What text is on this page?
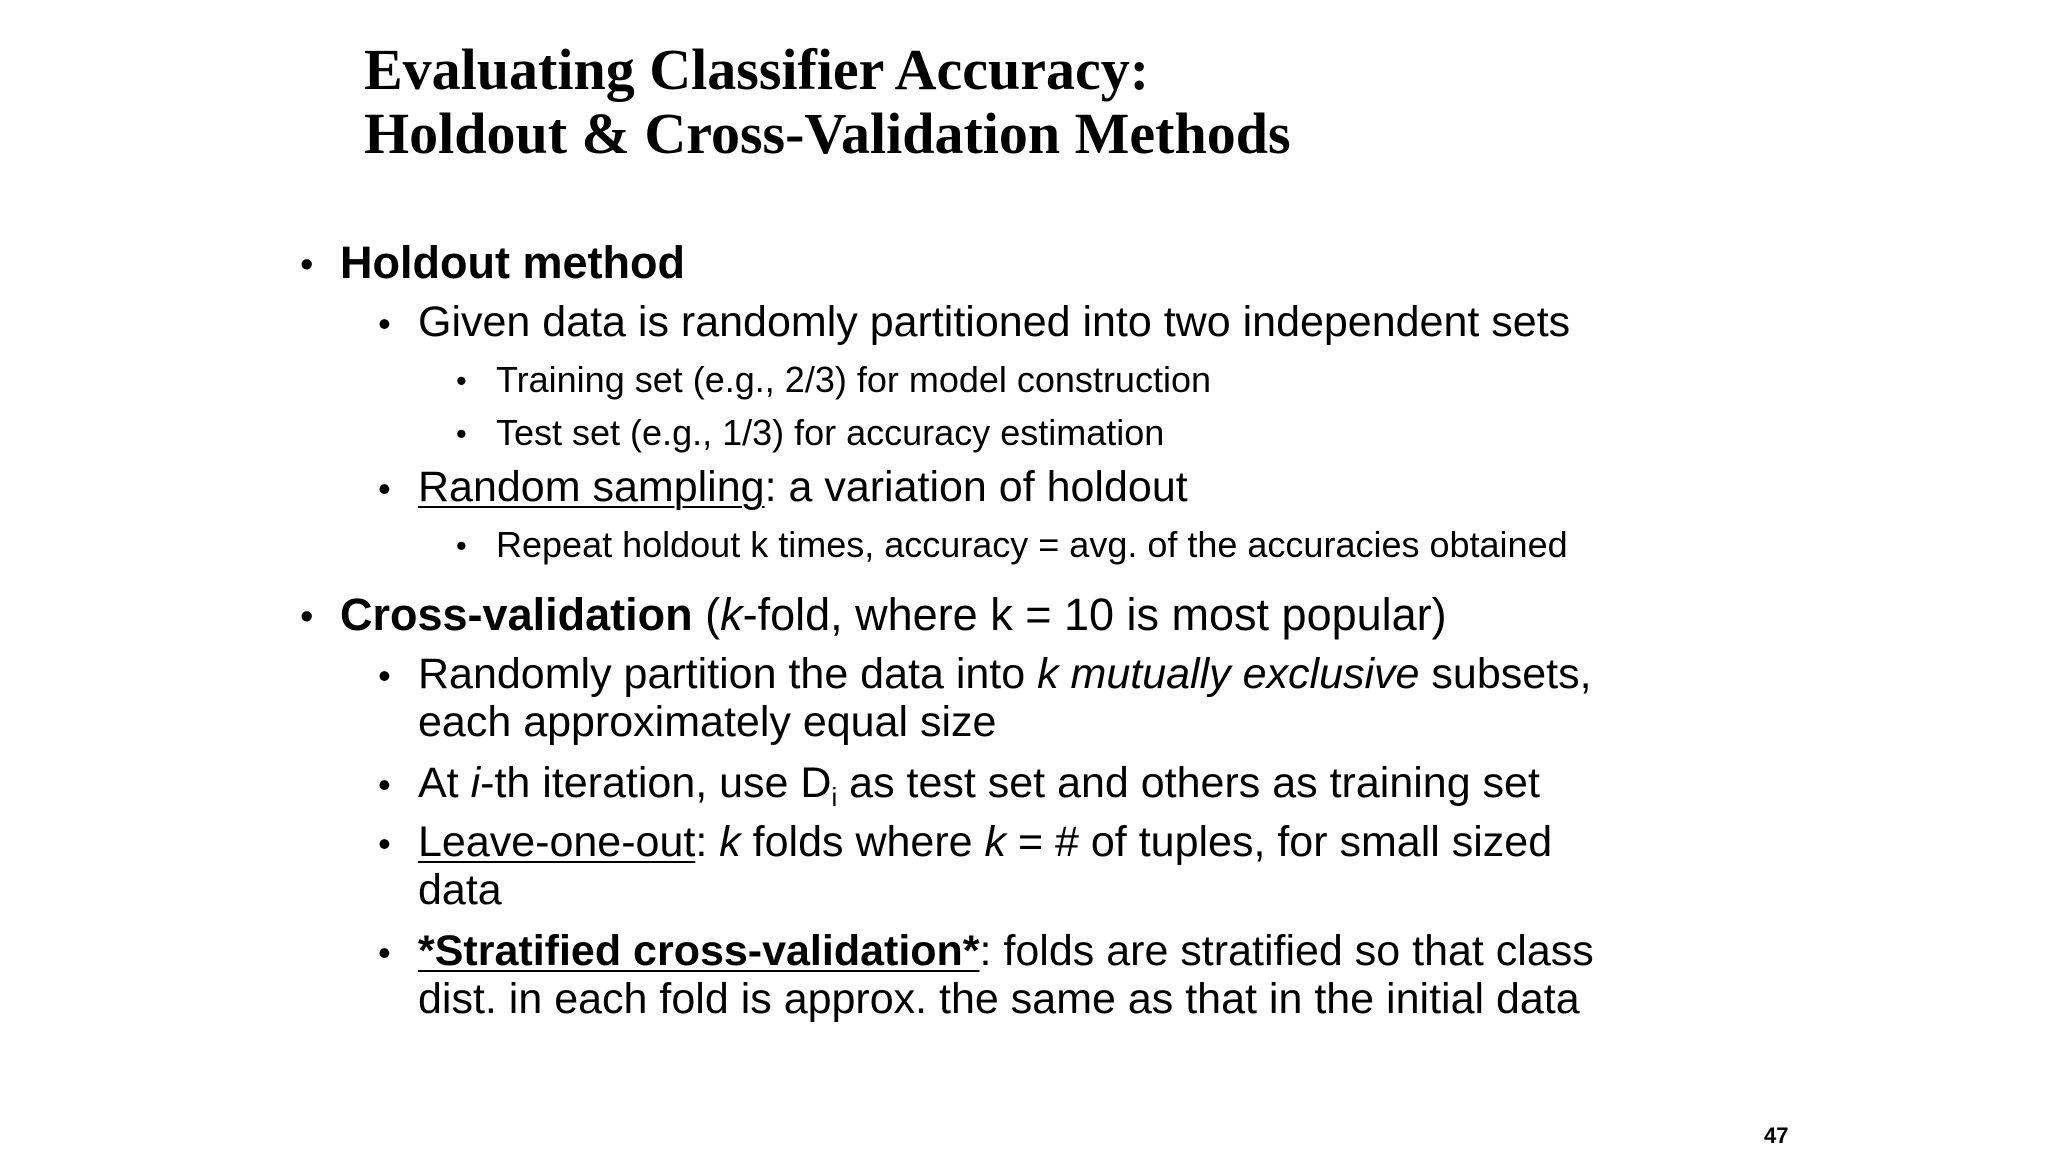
Evaluating Classifier Accuracy:
Holdout & Cross-Validation Methods
• Holdout method
• Given data is randomly partitioned into two independent sets
• Training set (e.g., 2/3) for model construction
• Test set (e.g., 1/3) for accuracy estimation
• Random sampling: a variation of holdout
• Repeat holdout k times, accuracy = avg. of the accuracies obtained
• Cross-validation (k-fold, where k = 10 is most popular)
• Randomly partition the data into k mutually exclusive subsets,
each approximately equal size
• At i-th iteration, use $D_i$ as test set and others as training set
• Leave-one-out: k folds where k = # of tuples, for small sized
data
• *Stratified cross-validation*: folds are stratified so that class
dist. in each fold is approx. the same as that in the initial data
47
